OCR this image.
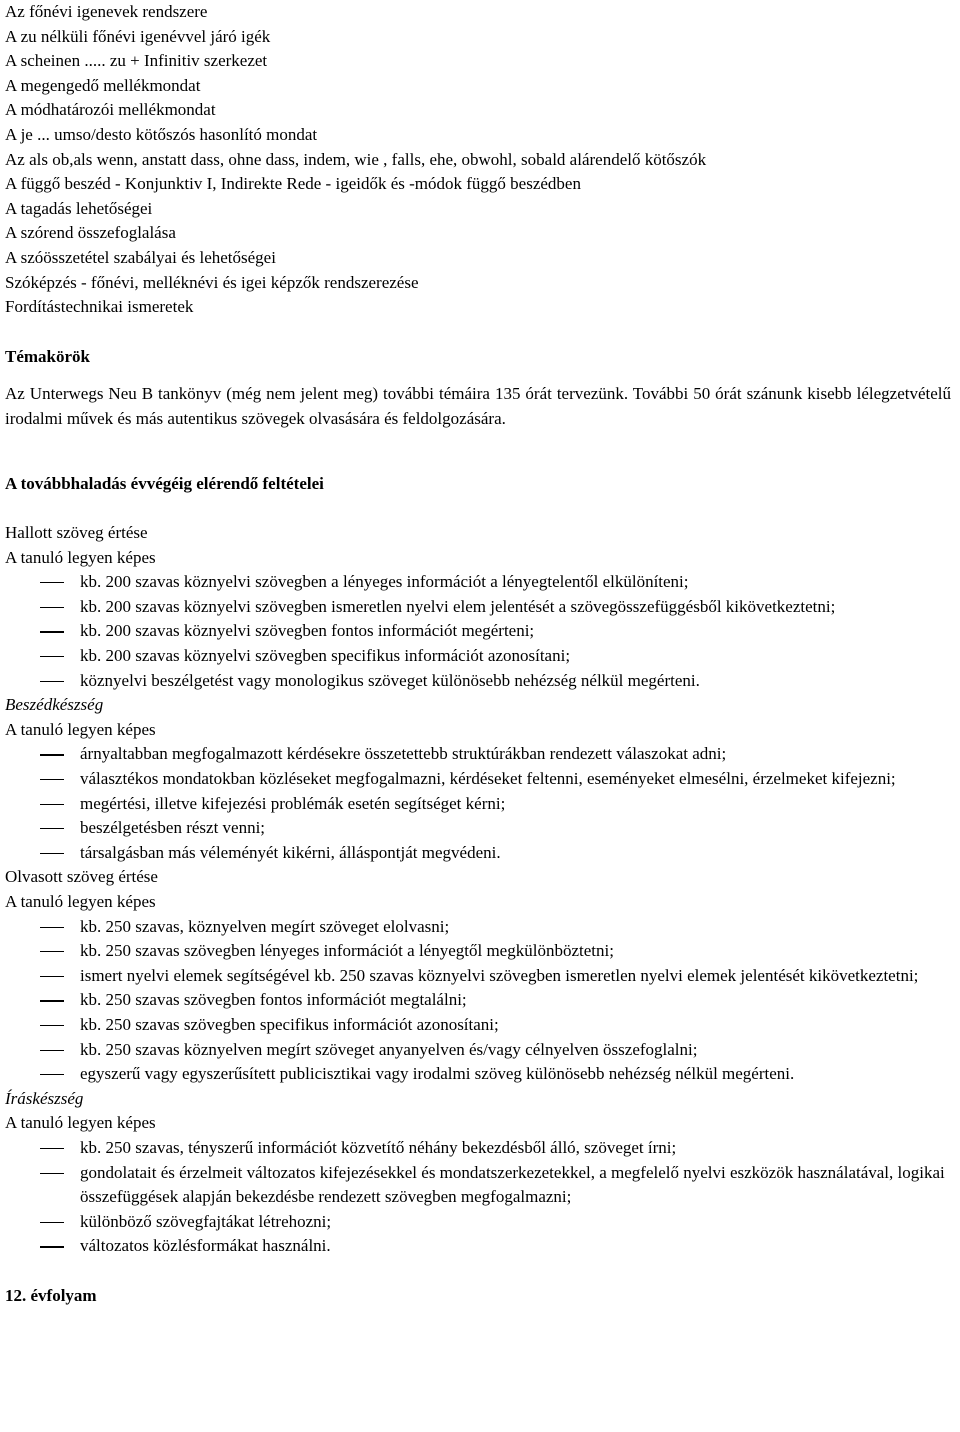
Az főnévi igenevek rendszere
A zu nélküli főnévi igenévvel járó igék
A scheinen ..... zu + Infinitiv szerkezet
A megengedő mellékmondat
A módhatározói mellékmondat
A je ... umso/desto kötőszós hasonlító mondat
Az als ob,als wenn, anstatt dass, ohne dass, indem, wie , falls, ehe, obwohl, sobald alárendelő kötőszók
A függő beszéd - Konjunktiv I, Indirekte Rede - igeidők és -módok függő beszédben
A tagadás lehetőségei
A szórend összefoglalása
A szóösszetétel szabályai és lehetőségei
Szóképzés - főnévi, melléknévi és igei képzők rendszerezése
Fordítástechnikai ismeretek
Témakörök

Az Unterwegs Neu B tankönyv (még nem jelent meg) további témáira 135 órát tervezünk. További 50 órát szánunk kisebb lélegzetvételű irodalmi művek és más autentikus szövegek olvasására és feldolgozására.

A továbbhaladás évvégéig elérendő feltételei
Hallott szöveg értése
A tanuló legyen képes
kb. 200 szavas köznyelvi szövegben a lényeges információt a lényegtelentől elkülöníteni;
kb. 200 szavas köznyelvi szövegben ismeretlen nyelvi elem jelentését a szövegösszefüggésből kikövetkeztetni;
kb. 200 szavas köznyelvi szövegben fontos információt megérteni;
kb. 200 szavas köznyelvi szövegben specifikus információt azonosítani;
köznyelvi beszélgetést vagy monologikus szöveget különösebb nehézség nélkül megérteni.
Beszédkészség
A tanuló legyen képes
árnyaltabban megfogalmazott kérdésekre összetettebb struktúrákban rendezett válaszokat adni;
választékos mondatokban közléseket megfogalmazni, kérdéseket feltenni, eseményeket elmesélni, érzelmeket kifejezni;
megértési, illetve kifejezési problémák esetén segítséget kérni;
beszélgetésben részt venni;
társalgásban más véleményét kikérni, álláspontját megvédeni.
Olvasott szöveg értése
A tanuló legyen képes
kb. 250 szavas, köznyelven megírt szöveget elolvasni;
kb. 250 szavas szövegben lényeges információt a lényegtől megkülönböztetni;
ismert nyelvi elemek segítségével kb. 250 szavas köznyelvi szövegben ismeretlen nyelvi elemek jelentését kikövetkeztetni;
kb. 250 szavas szövegben fontos információt megtalálni;
kb. 250 szavas szövegben specifikus információt azonosítani;
kb. 250 szavas köznyelven megírt szöveget anyanyelven és/vagy célnyelven összefoglalni;
egyszerű vagy egyszerűsített publicisztikai vagy irodalmi szöveg különösebb nehézség nélkül megérteni.
Íráskészség
A tanuló legyen képes
kb. 250 szavas, tényszerű információt közvetítő néhány bekezdésből álló, szöveget írni;
gondolatait és érzelmeit változatos kifejezésekkel és mondatszerkezetekkel, a megfelelő nyelvi eszközök használatával, logikai összefüggések alapján bekezdésbe rendezett szövegben megfogalmazni;
különböző szövegfajtákat létrehozni;
változatos közlésformákat használni.
12. évfolyam
